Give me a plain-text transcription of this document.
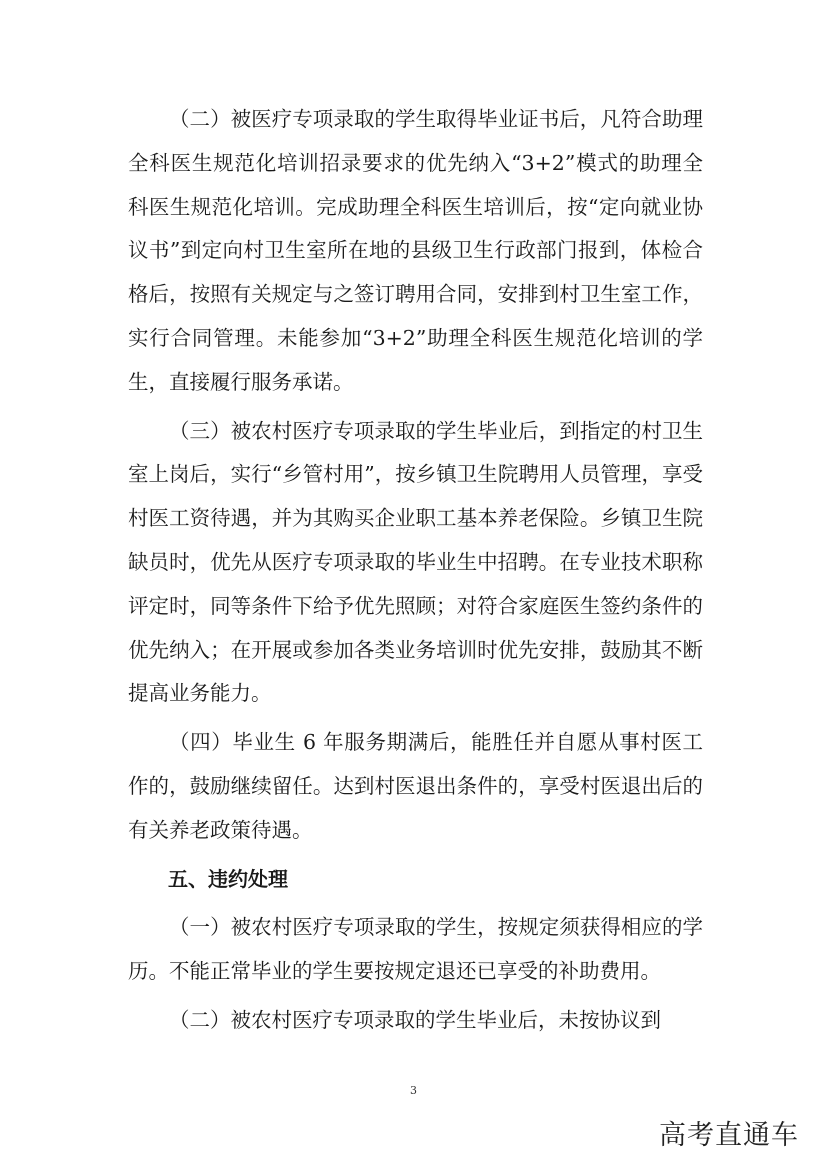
（二）被医疗专项录取的学生取得毕业证书后，凡符合助理全科医生规范化培训招录要求的优先纳入“3+2”模式的助理全科医生规范化培训。完成助理全科医生培训后，按“定向就业协议书”到定向村卫生室所在地的县级卫生行政部门报到，体检合格后，按照有关规定与之签订聘用合同，安排到村卫生室工作，实行合同管理。未能参加“3+2”助理全科医生规范化培训的学生，直接履行服务承诺。

（三）被农村医疗专项录取的学生毕业后，到指定的村卫生室上岗后，实行“乡管村用”，按乡镇卫生院聘用人员管理，享受村医工资待遇，并为其购买企业职工基本养老保险。乡镇卫生院缺员时，优先从医疗专项录取的毕业生中招聘。在专业技术职称评定时，同等条件下给予优先照顾；对符合家庭医生签约条件的优先纳入；在开展或参加各类业务培训时优先安排，鼓励其不断提高业务能力。

（四）毕业生 6 年服务期满后，能胜任并自愿从事村医工作的，鼓励继续留任。达到村医退出条件的，享受村医退出后的有关养老政策待遇。

五、违约处理

（一）被农村医疗专项录取的学生，按规定须获得相应的学历。不能正常毕业的学生要按规定退还已享受的补助费用。

（二）被农村医疗专项录取的学生毕业后，未按协议到

3
高考直通车
